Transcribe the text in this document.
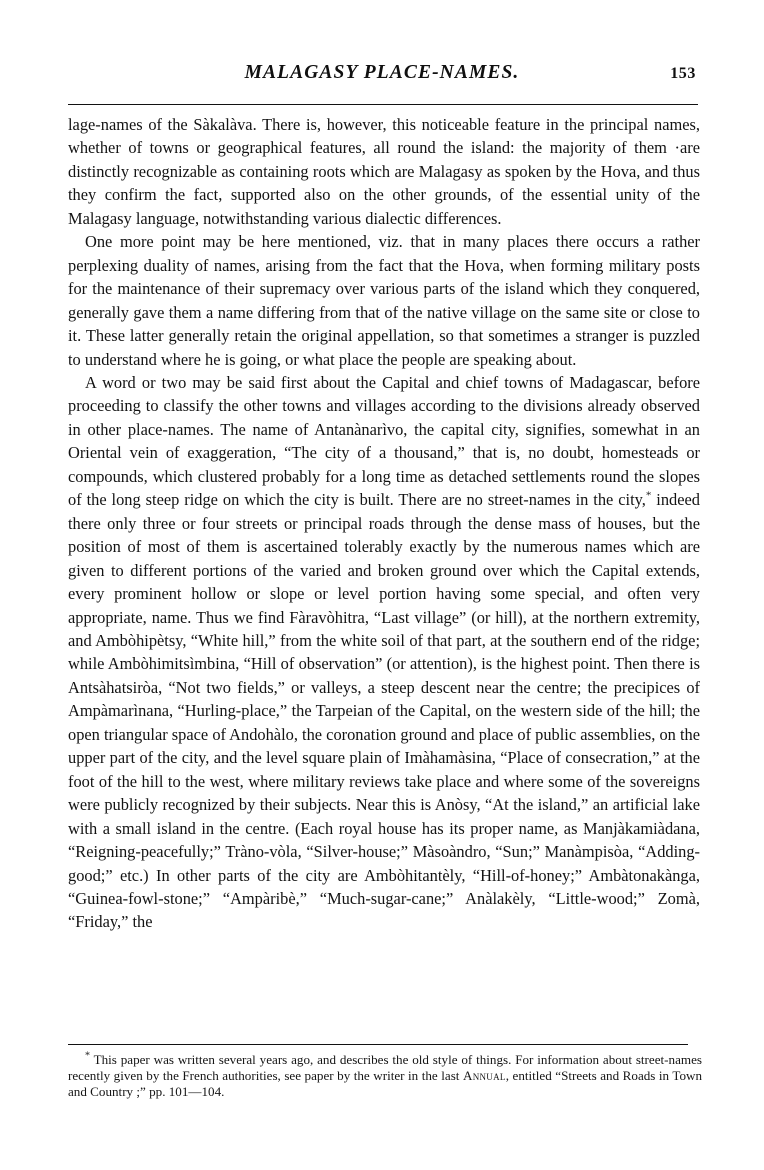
MALAGASY PLACE-NAMES.	153

lage-names of the Sàkalàva. There is, however, this noticeable feature in the principal names, whether of towns or geographical features, all round the island: the majority of them ·are distinctly recognizable as containing roots which are Malagasy as spoken by the Hova, and thus they confirm the fact, supported also on the other grounds, of the essential unity of the Malagasy language, notwithstanding various dialectic differences.

One more point may be here mentioned, viz. that in many places there occurs a rather perplexing duality of names, arising from the fact that the Hova, when forming military posts for the maintenance of their supremacy over various parts of the island which they conquered, generally gave them a name differing from that of the native village on the same site or close to it. These latter generally retain the original appellation, so that sometimes a stranger is puzzled to understand where he is going, or what place the people are speaking about.

A word or two may be said first about the Capital and chief towns of Madagascar, before proceeding to classify the other towns and villages according to the divisions already observed in other place-names. The name of Antanànarìvo, the capital city, signifies, somewhat in an Oriental vein of exaggeration, “The city of a thousand,” that is, no doubt, homesteads or compounds, which clustered probably for a long time as detached settlements round the slopes of the long steep ridge on which the city is built. There are no street-names in the city,* indeed there only three or four streets or principal roads through the dense mass of houses, but the position of most of them is ascertained tolerably exactly by the numerous names which are given to different portions of the varied and broken ground over which the Capital extends, every prominent hollow or slope or level portion having some special, and often very appropriate, name. Thus we find Fàravòhitra, “Last village” (or hill), at the northern extremity, and Ambòhipètsy, “White hill,” from the white soil of that part, at the southern end of the ridge; while Ambòhimitsìmbina, “Hill of observation” (or attention), is the highest point. Then there is Antsàhatsiròa, “Not two fields,” or valleys, a steep descent near the centre; the precipices of Ampàmarìnana, “Hurling-place,” the Tarpeian of the Capital, on the western side of the hill; the open triangular space of Andohàlo, the coronation ground and place of public assemblies, on the upper part of the city, and the level square plain of Imàhamàsina, “Place of consecration,” at the foot of the hill to the west, where military reviews take place and where some of the sovereigns were publicly recognized by their subjects. Near this is Anòsy, “At the island,” an artificial lake with a small island in the centre. (Each royal house has its proper name, as Manjàkamiàdana, “Reigning-peacefully;” Tràno-vòla, “Silver-house;” Màsoàndro, “Sun;” Manàmpisòa, “Adding-good;” etc.) In other parts of the city are Ambòhitantèly, “Hill-of-honey;” Ambàtonakànga, “Guinea-fowl-stone;” “Ampàribè,” “Much-sugar-cane;” Anàlakèly, “Little-wood;” Zomà, “Friday,” the

* This paper was written several years ago, and describes the old style of things. For information about street-names recently given by the French authorities, see paper by the writer in the last Annual, entitled “Streets and Roads in Town and Country ;” pp. 101—104.
